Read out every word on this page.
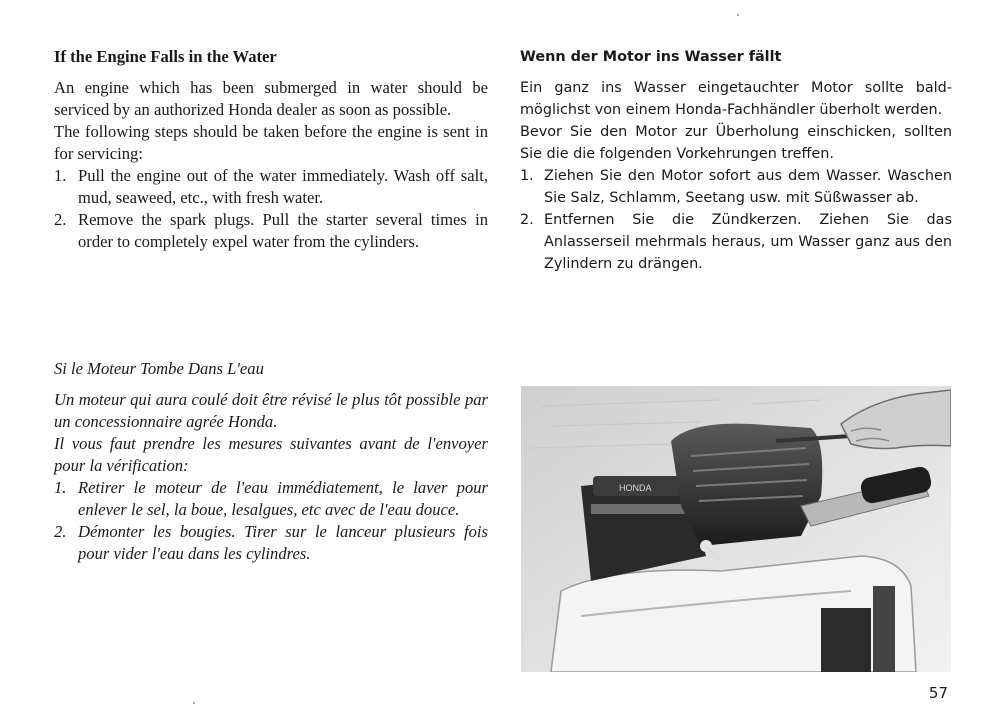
If the Engine Falls in the Water

An engine which has been submerged in water should be serviced by an authorized Honda dealer as soon as possible.

The following steps should be taken before the engine is sent in for servicing:

1. Pull the engine out of the water immediately. Wash off salt, mud, seaweed, etc., with fresh water.
2. Remove the spark plugs. Pull the starter several times in order to completely expel water from the cylinders.
Wenn der Motor ins Wasser fällt

Ein ganz ins Wasser eingetauchter Motor sollte bald-möglichst von einem Honda-Fachhändler überholt werden.

Bevor Sie den Motor zur Überholung einschicken, sollten Sie die die folgenden Vorkehrungen treffen.

1. Ziehen Sie den Motor sofort aus dem Wasser. Waschen Sie Salz, Schlamm, Seetang usw. mit Süßwasser ab.
2. Entfernen Sie die Zündkerzen. Ziehen Sie das Anlasserseil mehrmals heraus, um Wasser ganz aus den Zylindern zu drängen.
Si le Moteur Tombe Dans L'eau

Un moteur qui aura coulé doit être révisé le plus tôt possible par un concessionnaire agrée Honda.

Il vous faut prendre les mesures suivantes avant de l'envoyer pour la vérification:

1. Retirer le moteur de l'eau immédiatement, le laver pour enlever le sel, la boue, lesalgues, etc avec de l'eau douce.
2. Démonter les bougies. Tirer sur le lanceur plusieurs fois pour vider l'eau dans les cylindres.
HONDA
57
